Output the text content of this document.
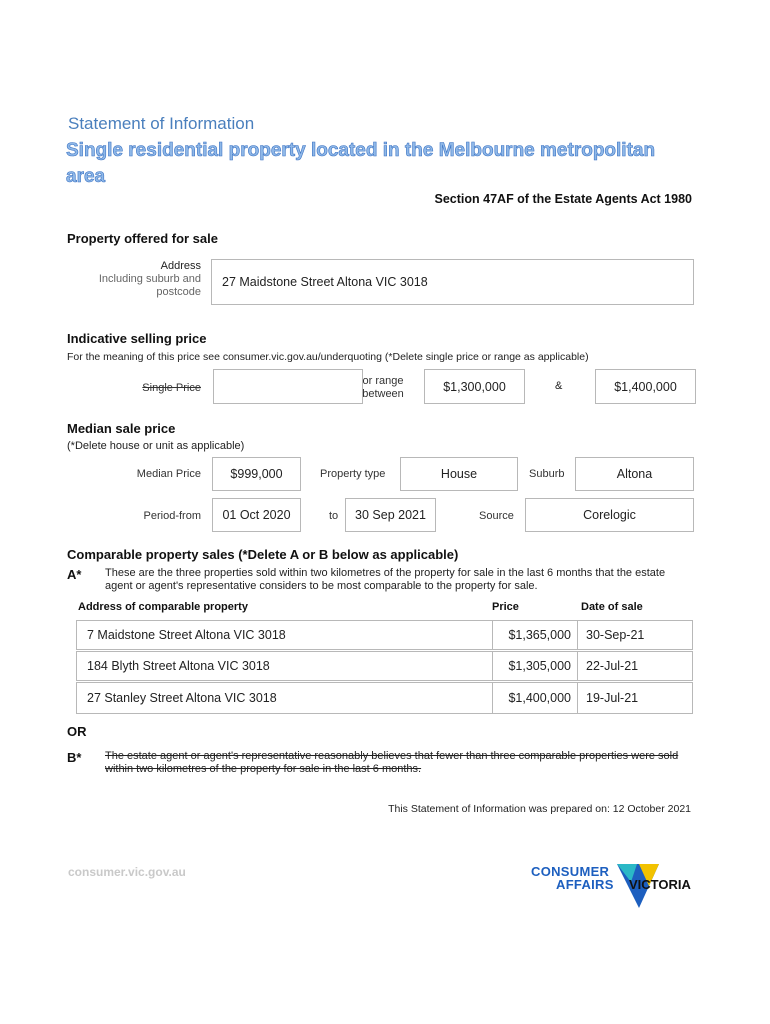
Statement of Information
Single residential property located in the Melbourne metropolitan area
Section 47AF of the Estate Agents Act 1980
Property offered for sale
Address
Including suburb and postcode
27 Maidstone Street Altona VIC 3018
Indicative selling price
For the meaning of this price see consumer.vic.gov.au/underquoting (*Delete single price or range as applicable)
Single Price
or range between
$1,300,000	&	$1,400,000
Median sale price
(*Delete house or unit as applicable)
Median Price $999,000	Property type	House	Suburb	Altona
Period-from 01 Oct 2020	to 30 Sep 2021	Source	Corelogic
Comparable property sales (*Delete A or B below as applicable)
A* These are the three properties sold within two kilometres of the property for sale in the last 6 months that the estate agent or agent's representative considers to be most comparable to the property for sale.
Address of comparable property	Price	Date of sale
7 Maidstone Street Altona VIC 3018	$1,365,000	30-Sep-21
184 Blyth Street Altona VIC 3018	$1,305,000	22-Jul-21
27 Stanley Street Altona VIC 3018	$1,400,000	19-Jul-21
OR
B* The estate agent or agent's representative reasonably believes that fewer than three comparable properties were sold within two kilometres of the property for sale in the last 6 months.
This Statement of Information was prepared on: 12 October 2021
consumer.vic.gov.au	CONSUMER
AFFAIRS VICTORIA
